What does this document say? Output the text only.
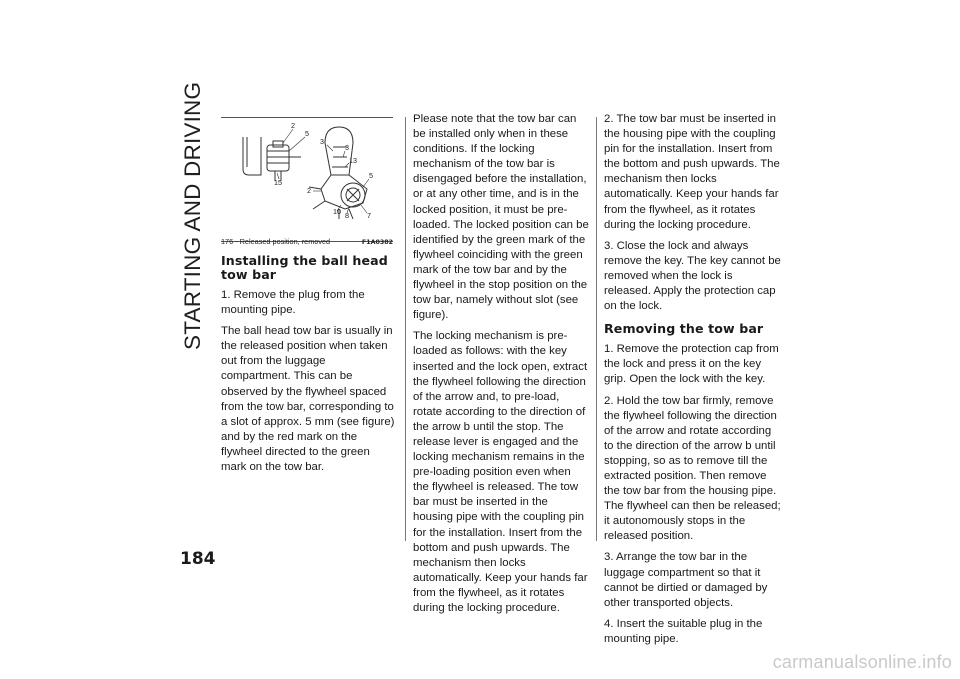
STARTING AND DRIVING
184
2
5
15
3
3
13
5
2
10 8	7
176 - Released position, removed	F1A0382
Installing the ball head tow bar

1. Remove the plug from the mounting pipe.

The ball head tow bar is usually in the released position when taken out from the luggage compartment. This can be observed by the flywheel spaced from the tow bar, corresponding to a slot of approx. 5 mm (see figure) and by the red mark on the flywheel directed to the green mark on the tow bar.

Please note that the tow bar can be installed only when in these conditions. If the locking mechanism of the tow bar is disengaged before the installation, or at any other time, and is in the locked position, it must be pre-loaded. The locked position can be identified by the green mark of the flywheel coinciding with the green mark of the tow bar and by the flywheel in the stop position on the tow bar, namely without slot (see figure).

The locking mechanism is pre-loaded as follows: with the key inserted and the lock open, extract the flywheel following the direction of the arrow and, to pre-load, rotate according to the direction of the arrow b until the stop. The release lever is engaged and the locking mechanism remains in the pre-loading position even when the flywheel is released. The tow bar must be inserted in the housing pipe with the coupling pin for the installation. Insert from the bottom and push upwards. The mechanism then locks automatically. Keep your hands far from the flywheel, as it rotates during the locking procedure.

2. The tow bar must be inserted in the housing pipe with the coupling pin for the installation. Insert from the bottom and push upwards. The mechanism then locks automatically. Keep your hands far from the flywheel, as it rotates during the locking procedure.

3. Close the lock and always remove the key. The key cannot be removed when the lock is released. Apply the protection cap on the lock.

Removing the tow bar

1. Remove the protection cap from the lock and press it on the key grip. Open the lock with the key.

2. Hold the tow bar firmly, remove the flywheel following the direction of the arrow and rotate according to the direction of the arrow b until stopping, so as to remove till the extracted position. Then remove the tow bar from the housing pipe. The flywheel can then be released; it autonomously stops in the released position.

3. Arrange the tow bar in the luggage compartment so that it cannot be dirtied or damaged by other transported objects.

4. Insert the suitable plug in the mounting pipe.

carmanualsonline.info
